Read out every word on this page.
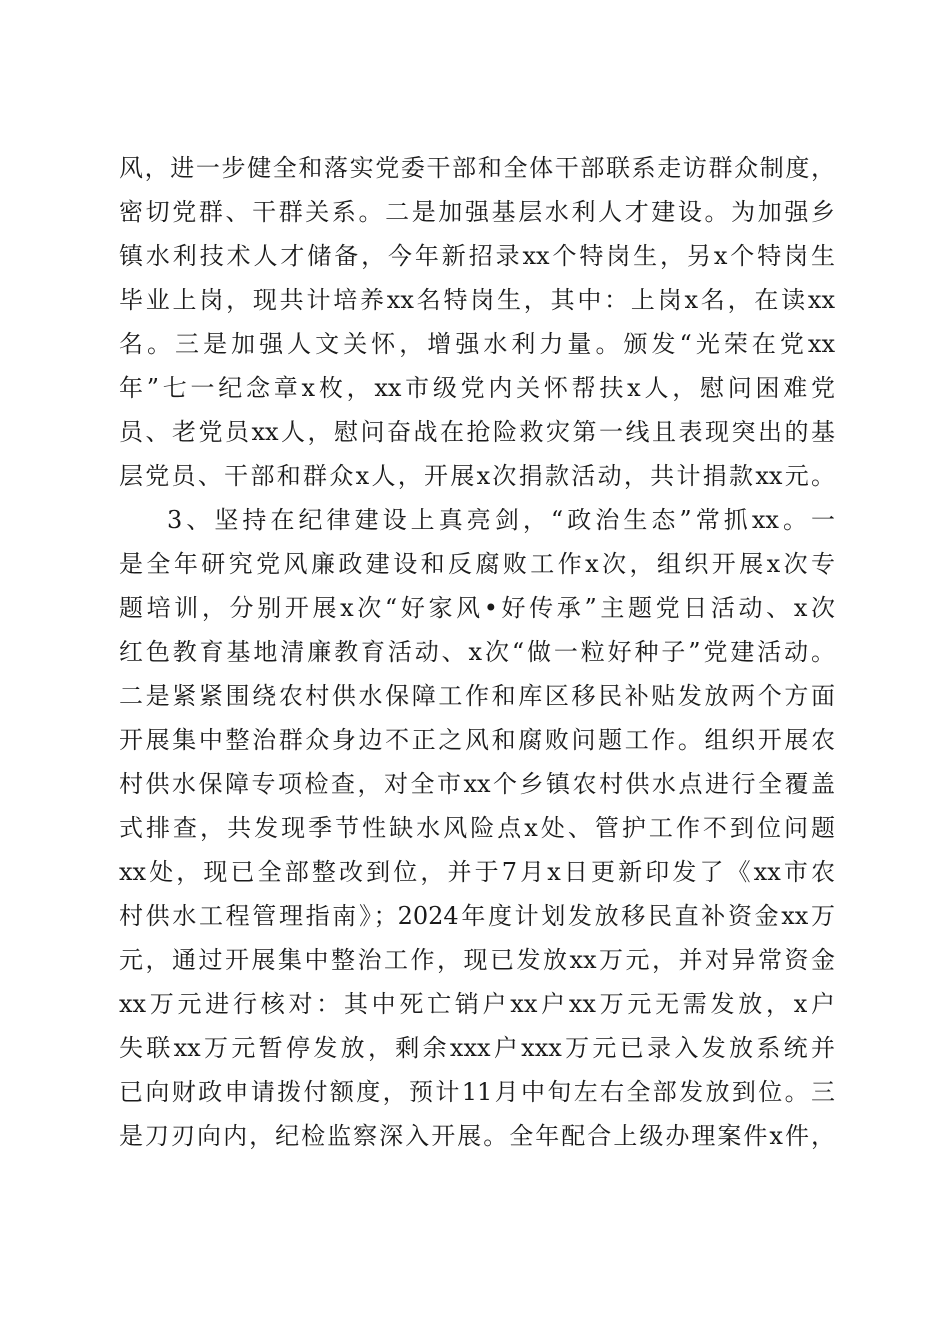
风，进一步健全和落实党委干部和全体干部联系走访群众制度，
密切党群、干群关系。二是加强基层水利人才建设。为加强乡
镇水利技术人才储备，今年新招录xx个特岗生，另x个特岗生
毕业上岗，现共计培养xx名特岗生，其中：上岗x名，在读xx
名。三是加强人文关怀，增强水利力量。颁发“光荣在党xx
年”七一纪念章x枚，xx市级党内关怀帮扶x人，慰问困难党
员、老党员xx人，慰问奋战在抢险救灾第一线且表现突出的基
层党员、干部和群众x人，开展x次捐款活动，共计捐款xx元。
3、坚持在纪律建设上真亮剑，“政治生态”常抓xx。一
是全年研究党风廉政建设和反腐败工作x次，组织开展x次专
题培训，分别开展x次“好家风•好传承”主题党日活动、x次
红色教育基地清廉教育活动、x次“做一粒好种子”党建活动。
二是紧紧围绕农村供水保障工作和库区移民补贴发放两个方面
开展集中整治群众身边不正之风和腐败问题工作。组织开展农
村供水保障专项检查，对全市xx个乡镇农村供水点进行全覆盖
式排查，共发现季节性缺水风险点x处、管护工作不到位问题
xx处，现已全部整改到位，并于7月x日更新印发了《xx市农
村供水工程管理指南》；2024年度计划发放移民直补资金xx万
元，通过开展集中整治工作，现已发放xx万元，并对异常资金
xx万元进行核对：其中死亡销户xx户xx万元无需发放，x户
失联xx万元暂停发放，剩余xxx户xxx万元已录入发放系统并
已向财政申请拨付额度，预计11月中旬左右全部发放到位。三
是刀刃向内，纪检监察深入开展。全年配合上级办理案件x件，
